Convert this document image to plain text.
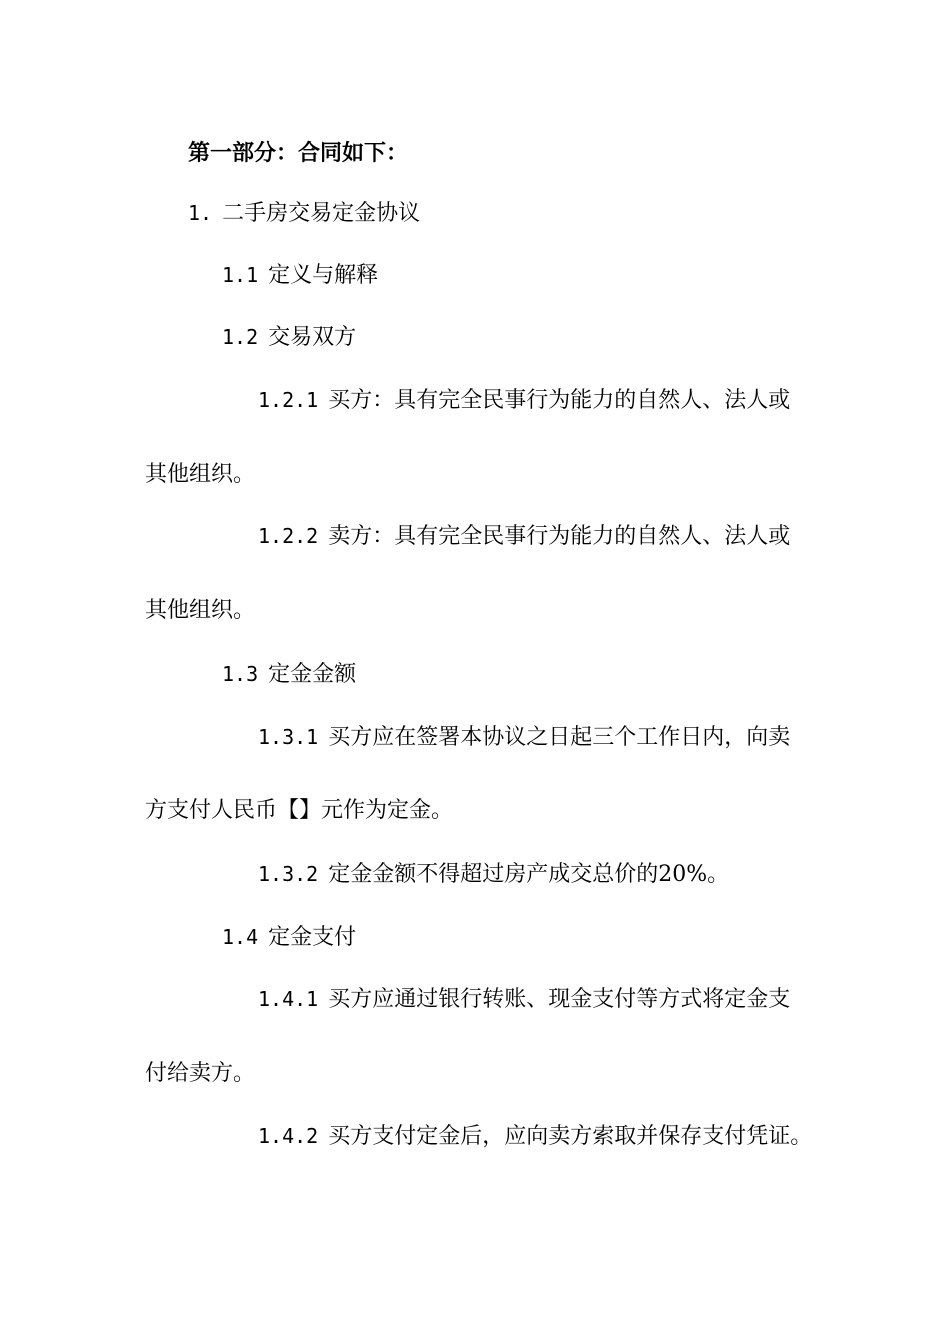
第一部分：合同如下：

1. 二手房交易定金协议

1.1 定义与解释

1.2 交易双方

1.2.1 买方：具有完全民事行为能力的自然人、法人或

其他组织。

1.2.2 卖方：具有完全民事行为能力的自然人、法人或

其他组织。

1.3 定金金额

1.3.1 买方应在签署本协议之日起三个工作日内，向卖

方支付人民币【】元作为定金。

1.3.2 定金金额不得超过房产成交总价的20%。

1.4 定金支付

1.4.1 买方应通过银行转账、现金支付等方式将定金支

付给卖方。

1.4.2 买方支付定金后，应向卖方索取并保存支付凭证。
